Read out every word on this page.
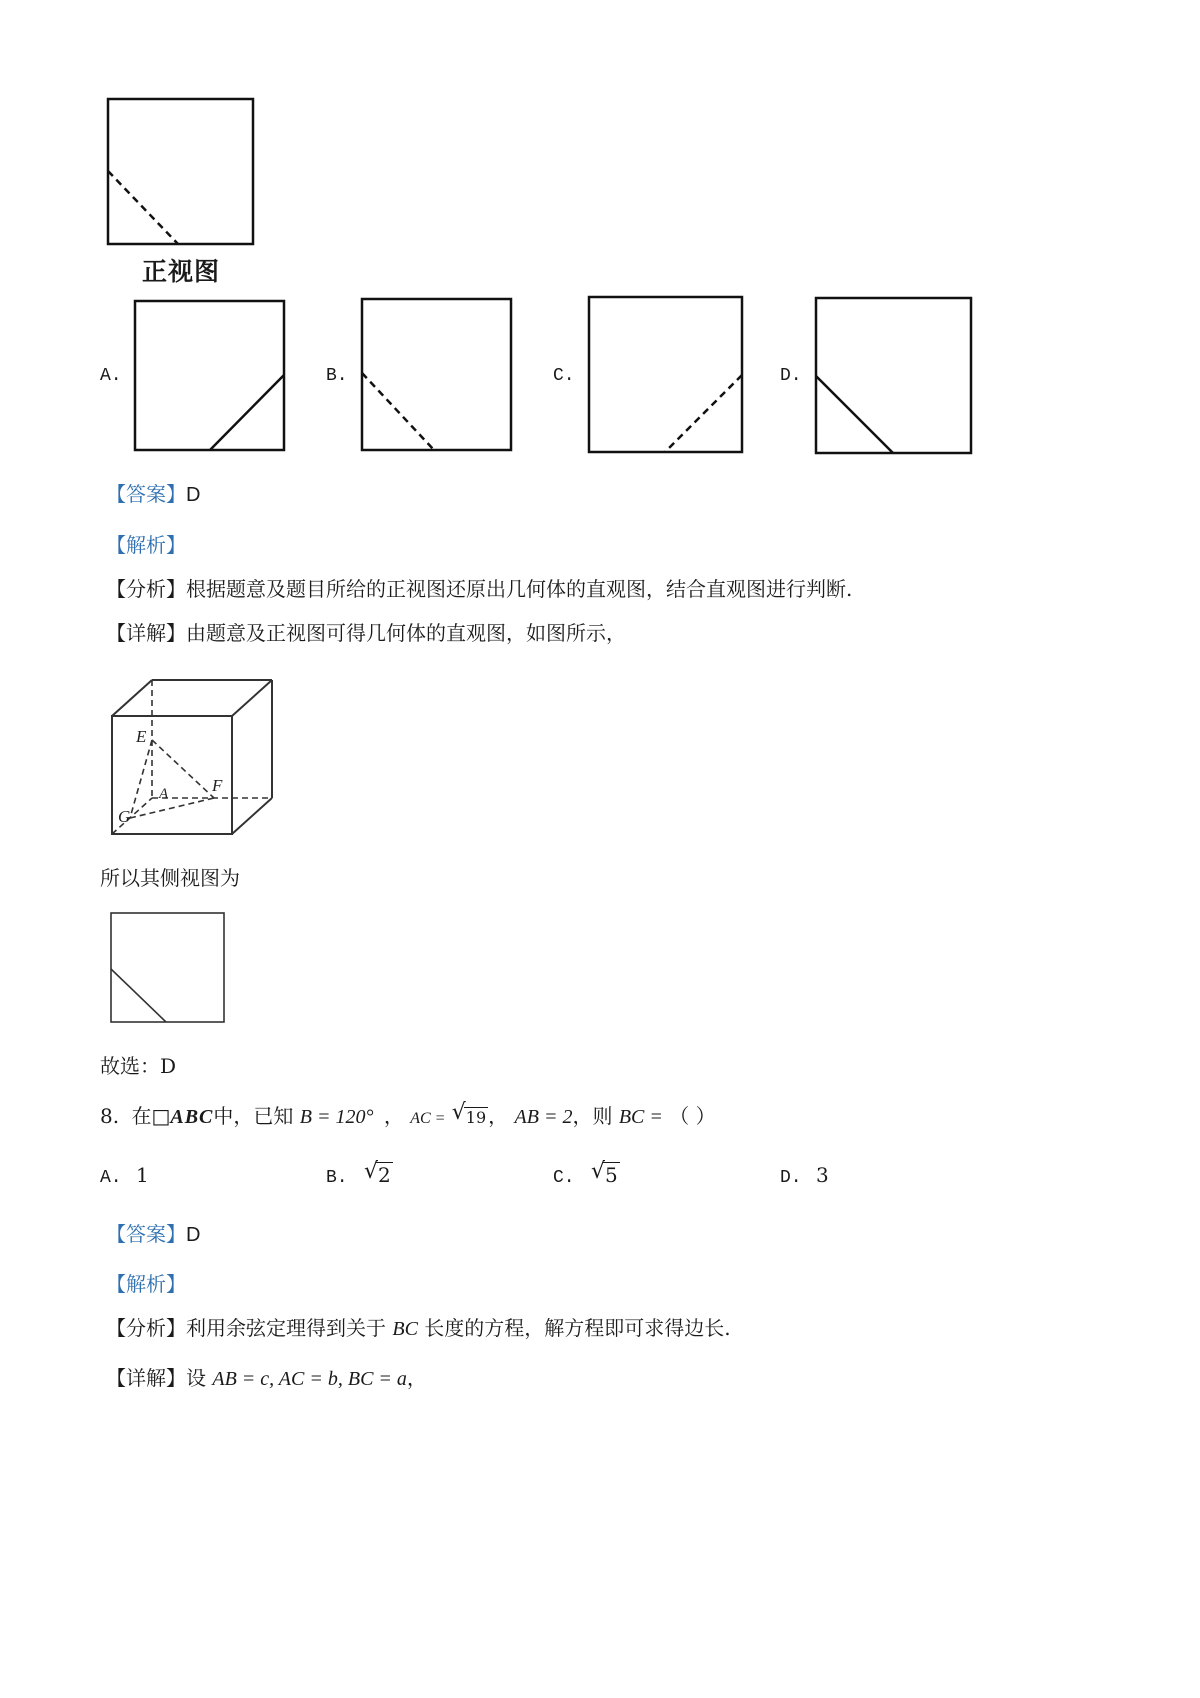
正视图
A.	B.	C.	D.
【答案】D
【解析】
【分析】根据题意及题目所给的正视图还原出几何体的直观图，结合直观图进行判断.
【详解】由题意及正视图可得几何体的直观图，如图所示，
E
A	F
G
所以其侧视图为
故选：D
8. 在□ABC中，已知 B = 120° ， AC = √ 19 ， AB = 2，则 BC = （ ）
A. 1	B. √ 2	C. √ 5	D. 3
【答案】D
【解析】
【分析】利用余弦定理得到关于 BC 长度的方程，解方程即可求得边长.
【详解】设 AB = c, AC = b, BC = a，
